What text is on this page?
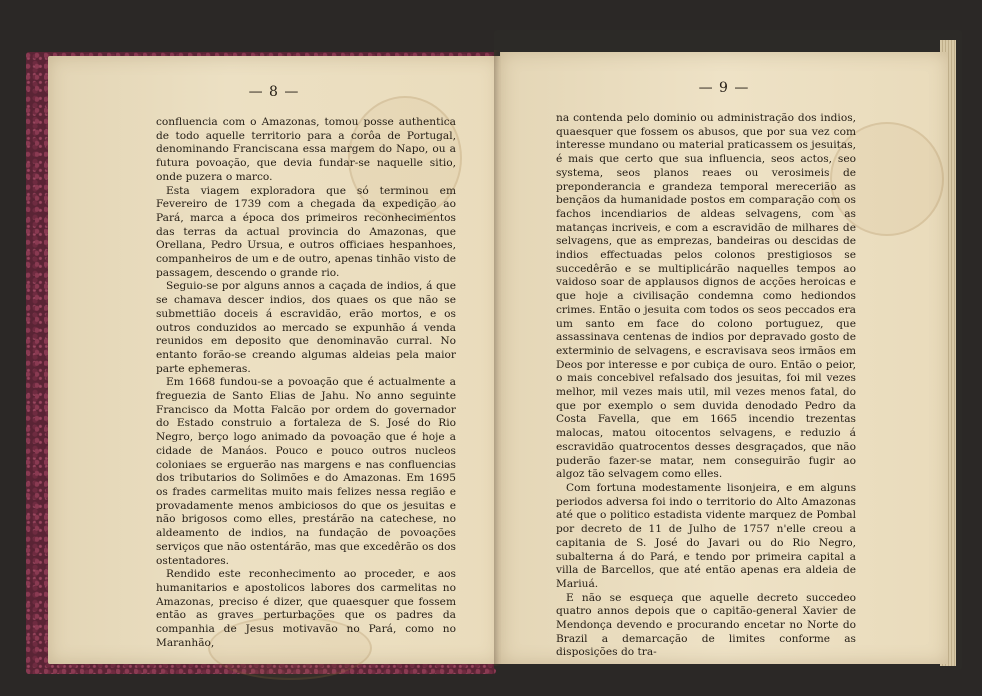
— 8 —

confluencia com o Amazonas, tomou posse authentica de todo aquelle territorio para a corôa de Portugal, denominando Franciscana essa margem do Napo, ou a futura povoação, que devia fundar-se naquelle sitio, onde puzera o marco.

Esta viagem exploradora que só terminou em Fevereiro de 1739 com a chegada da expedição ao Pará, marca a época dos primeiros reconhecimentos das terras da actual provincia do Amazonas, que Orellana, Pedro Ursua, e outros officiaes hespanhoes, companheiros de um e de outro, apenas tinhão visto de passagem, descendo o grande rio.

Seguio-se por alguns annos a caçada de indios, á que se chamava descer indios, dos quaes os que não se submettião doceis á escravidão, erão mortos, e os outros conduzidos ao mercado se expunhão á venda reunidos em deposito que denominavão curral. No entanto forão-se creando algumas aldeias pela maior parte ephemeras.

Em 1668 fundou-se a povoação que é actualmente a freguezia de Santo Elias de Jahu. No anno seguinte Francisco da Motta Falcão por ordem do governador do Estado construio a fortaleza de S. José do Rio Negro, berço logo animado da povoação que é hoje a cidade de Manáos. Pouco e pouco outros nucleos coloniaes se erguerão nas margens e nas confluencias dos tributarios do Solimões e do Amazonas. Em 1695 os frades carmelitas muito mais felizes nessa região e provadamente menos ambiciosos do que os jesuitas e não brigosos como elles, prestárão na catechese, no aldeamento de indios, na fundação de povoações serviços que não ostentárão, mas que excedêrão os dos ostentadores.

Rendido este reconhecimento ao proceder, e aos humanitarios e apostolicos labores dos carmelitas no Amazonas, preciso é dizer, que quaesquer que fossem então as graves perturbações que os padres da companhia de Jesus motivavão no Pará, como no Maranhão,

— 9 —

na contenda pelo dominio ou administração dos indios, quaesquer que fossem os abusos, que por sua vez com interesse mundano ou material praticassem os jesuitas, é mais que certo que sua influencia, seos actos, seo systema, seos planos reaes ou verosimeis de preponderancia e grandeza temporal merecerião as bençãos da humanidade postos em comparação com os fachos incendiarios de aldeas selvagens, com as matanças incriveis, e com a escravidão de milhares de selvagens, que as emprezas, bandeiras ou descidas de indios effectuadas pelos colonos prestigiosos se succedêrão e se multiplicárão naquelles tempos ao vaidoso soar de applausos dignos de acções heroicas e que hoje a civilisação condemna como hediondos crimes. Então o jesuita com todos os seos peccados era um santo em face do colono portuguez, que assassinava centenas de indios por depravado gosto de exterminio de selvagens, e escravisava seos irmãos em Deos por interesse e por cubiça de ouro. Então o peior, o mais concebivel refalsado dos jesuitas, foi mil vezes melhor, mil vezes mais util, mil vezes menos fatal, do que por exemplo o sem duvida denodado Pedro da Costa Favella, que em 1665 incendio trezentas malocas, matou oitocentos selvagens, e reduzio á escravidão quatrocentos desses desgraçados, que não puderão fazer-se matar, nem conseguirão fugir ao algoz tão selvagem como elles.

Com fortuna modestamente lisonjeira, e em alguns periodos adversa foi indo o territorio do Alto Amazonas até que o politico estadista vidente marquez de Pombal por decreto de 11 de Julho de 1757 n'elle creou a capitania de S. José do Javari ou do Rio Negro, subalterna á do Pará, e tendo por primeira capital a villa de Barcellos, que até então apenas era aldeia de Mariuá.

E não se esqueça que aquelle decreto succedeo quatro annos depois que o capitão-general Xavier de Mendonça devendo e procurando encetar no Norte do Brazil a demarcação de limites conforme as disposições do tra-
